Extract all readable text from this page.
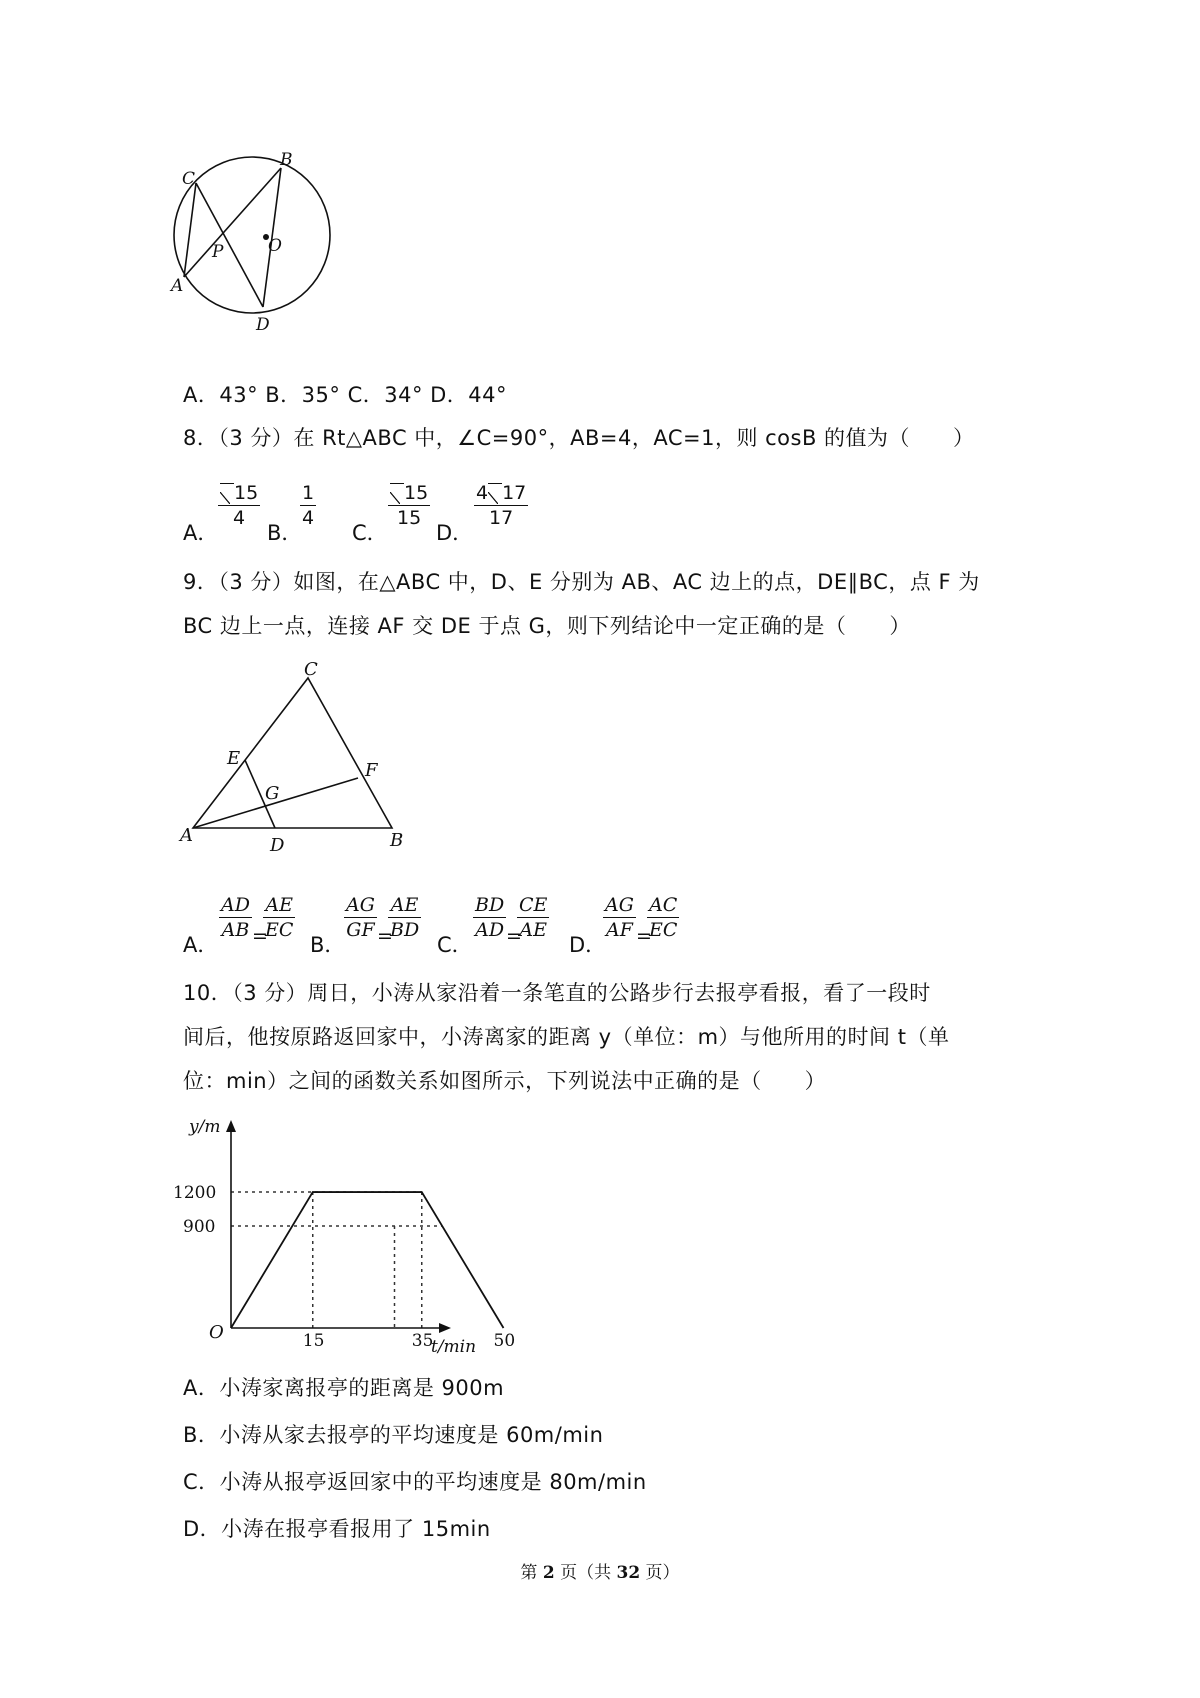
C
B
A
D
P	O
A．43° B．35° C．34° D．44°
8．（3 分）在 Rt△ABC 中，∠C=90°，AB=4，AC=1，则 cosB 的值为（　　）
A．
$\frac{15}{4}$
B．
$\frac{1}{4}$
C．
$\frac{15}{15}$
D．
$\frac{4 17}{17}$
9．（3 分）如图，在△ABC 中，D、E 分别为 AB、AC 边上的点，DE∥BC，点 F 为
BC 边上一点，连接 AF 交 DE 于点 G，则下列结论中一定正确的是（　　）
C
E
F
G
A	D	B
A．
$\frac{AD}{AB}$ =
$\frac{AE}{EC}$
B．
$\frac{AG}{GF}$ =
$\frac{AE}{BD}$
C．
$\frac{BD}{AD}$ =
$\frac{CE}{AE}$
D．
$\frac{AG}{AF}$ =
$\frac{AC}{EC}$
10．（3 分）周日，小涛从家沿着一条笔直的公路步行去报亭看报，看了一段时
间后，他按原路返回家中，小涛离家的距离 y（单位：m）与他所用的时间 t（单
位：min）之间的函数关系如图所示，下列说法中正确的是（　　）
y/m
t/min
O	15	35	50
1200
900
A．小涛家离报亭的距离是 900m
B．小涛从家去报亭的平均速度是 60m/min
C．小涛从报亭返回家中的平均速度是 80m/min
D．小涛在报亭看报用了 15min
第 2 页（共 32 页）
